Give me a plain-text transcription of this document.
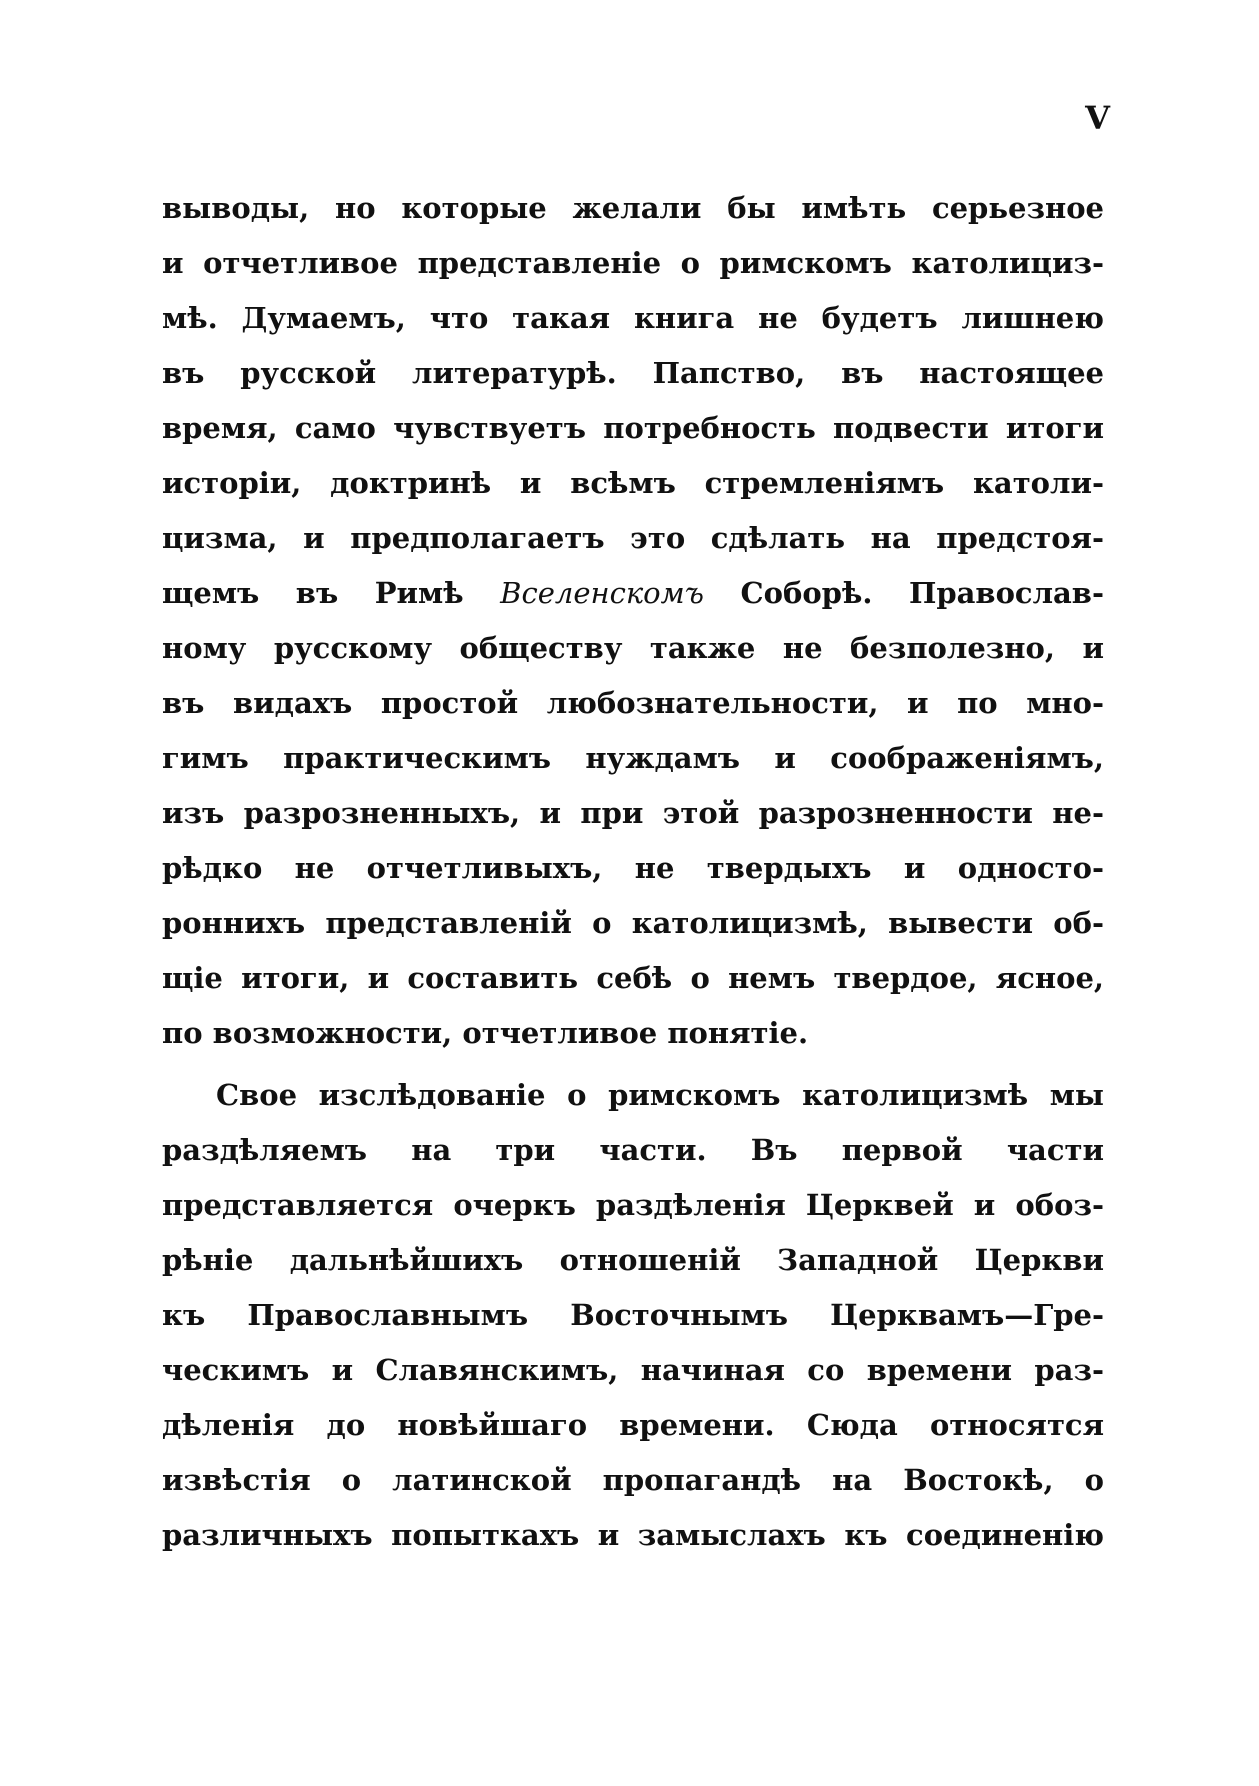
V
выводы, но которые желали бы имѣть серьезное
и отчетливое представленіе о римскомъ католициз-
мѣ. Думаемъ, что такая книга не будетъ лишнею
въ русской литературѣ. Папство, въ настоящее
время, само чувствуетъ потребность подвести итоги
исторіи, доктринѣ и всѣмъ стремленіямъ католи-
цизма, и предполагаетъ это сдѣлать на предстоя-
щемъ въ Римѣ Вселенскомъ Соборѣ. Православ-
ному русскому обществу также не безполезно, и
въ видахъ простой любознательности, и по мно-
гимъ практическимъ нуждамъ и соображеніямъ,
изъ разрозненныхъ, и при этой разрозненности не-
рѣдко не отчетливыхъ, не твердыхъ и односто-
роннихъ представленій о католицизмѣ, вывести об-
щіе итоги, и составить себѣ о немъ твердое, ясное,
по возможности, отчетливое понятіе.
Свое изслѣдованіе о римскомъ католицизмѣ мы
раздѣляемъ на три части. Въ первой части
представляется очеркъ раздѣленія Церквей и обоз-
рѣніе дальнѣйшихъ отношеній Западной Церкви
къ Православнымъ Восточнымъ Церквамъ—Гре-
ческимъ и Славянскимъ, начиная со времени раз-
дѣленія до новѣйшаго времени. Сюда относятся
извѣстія о латинской пропагандѣ на Востокѣ, о
различныхъ попыткахъ и замыслахъ къ соединенію
